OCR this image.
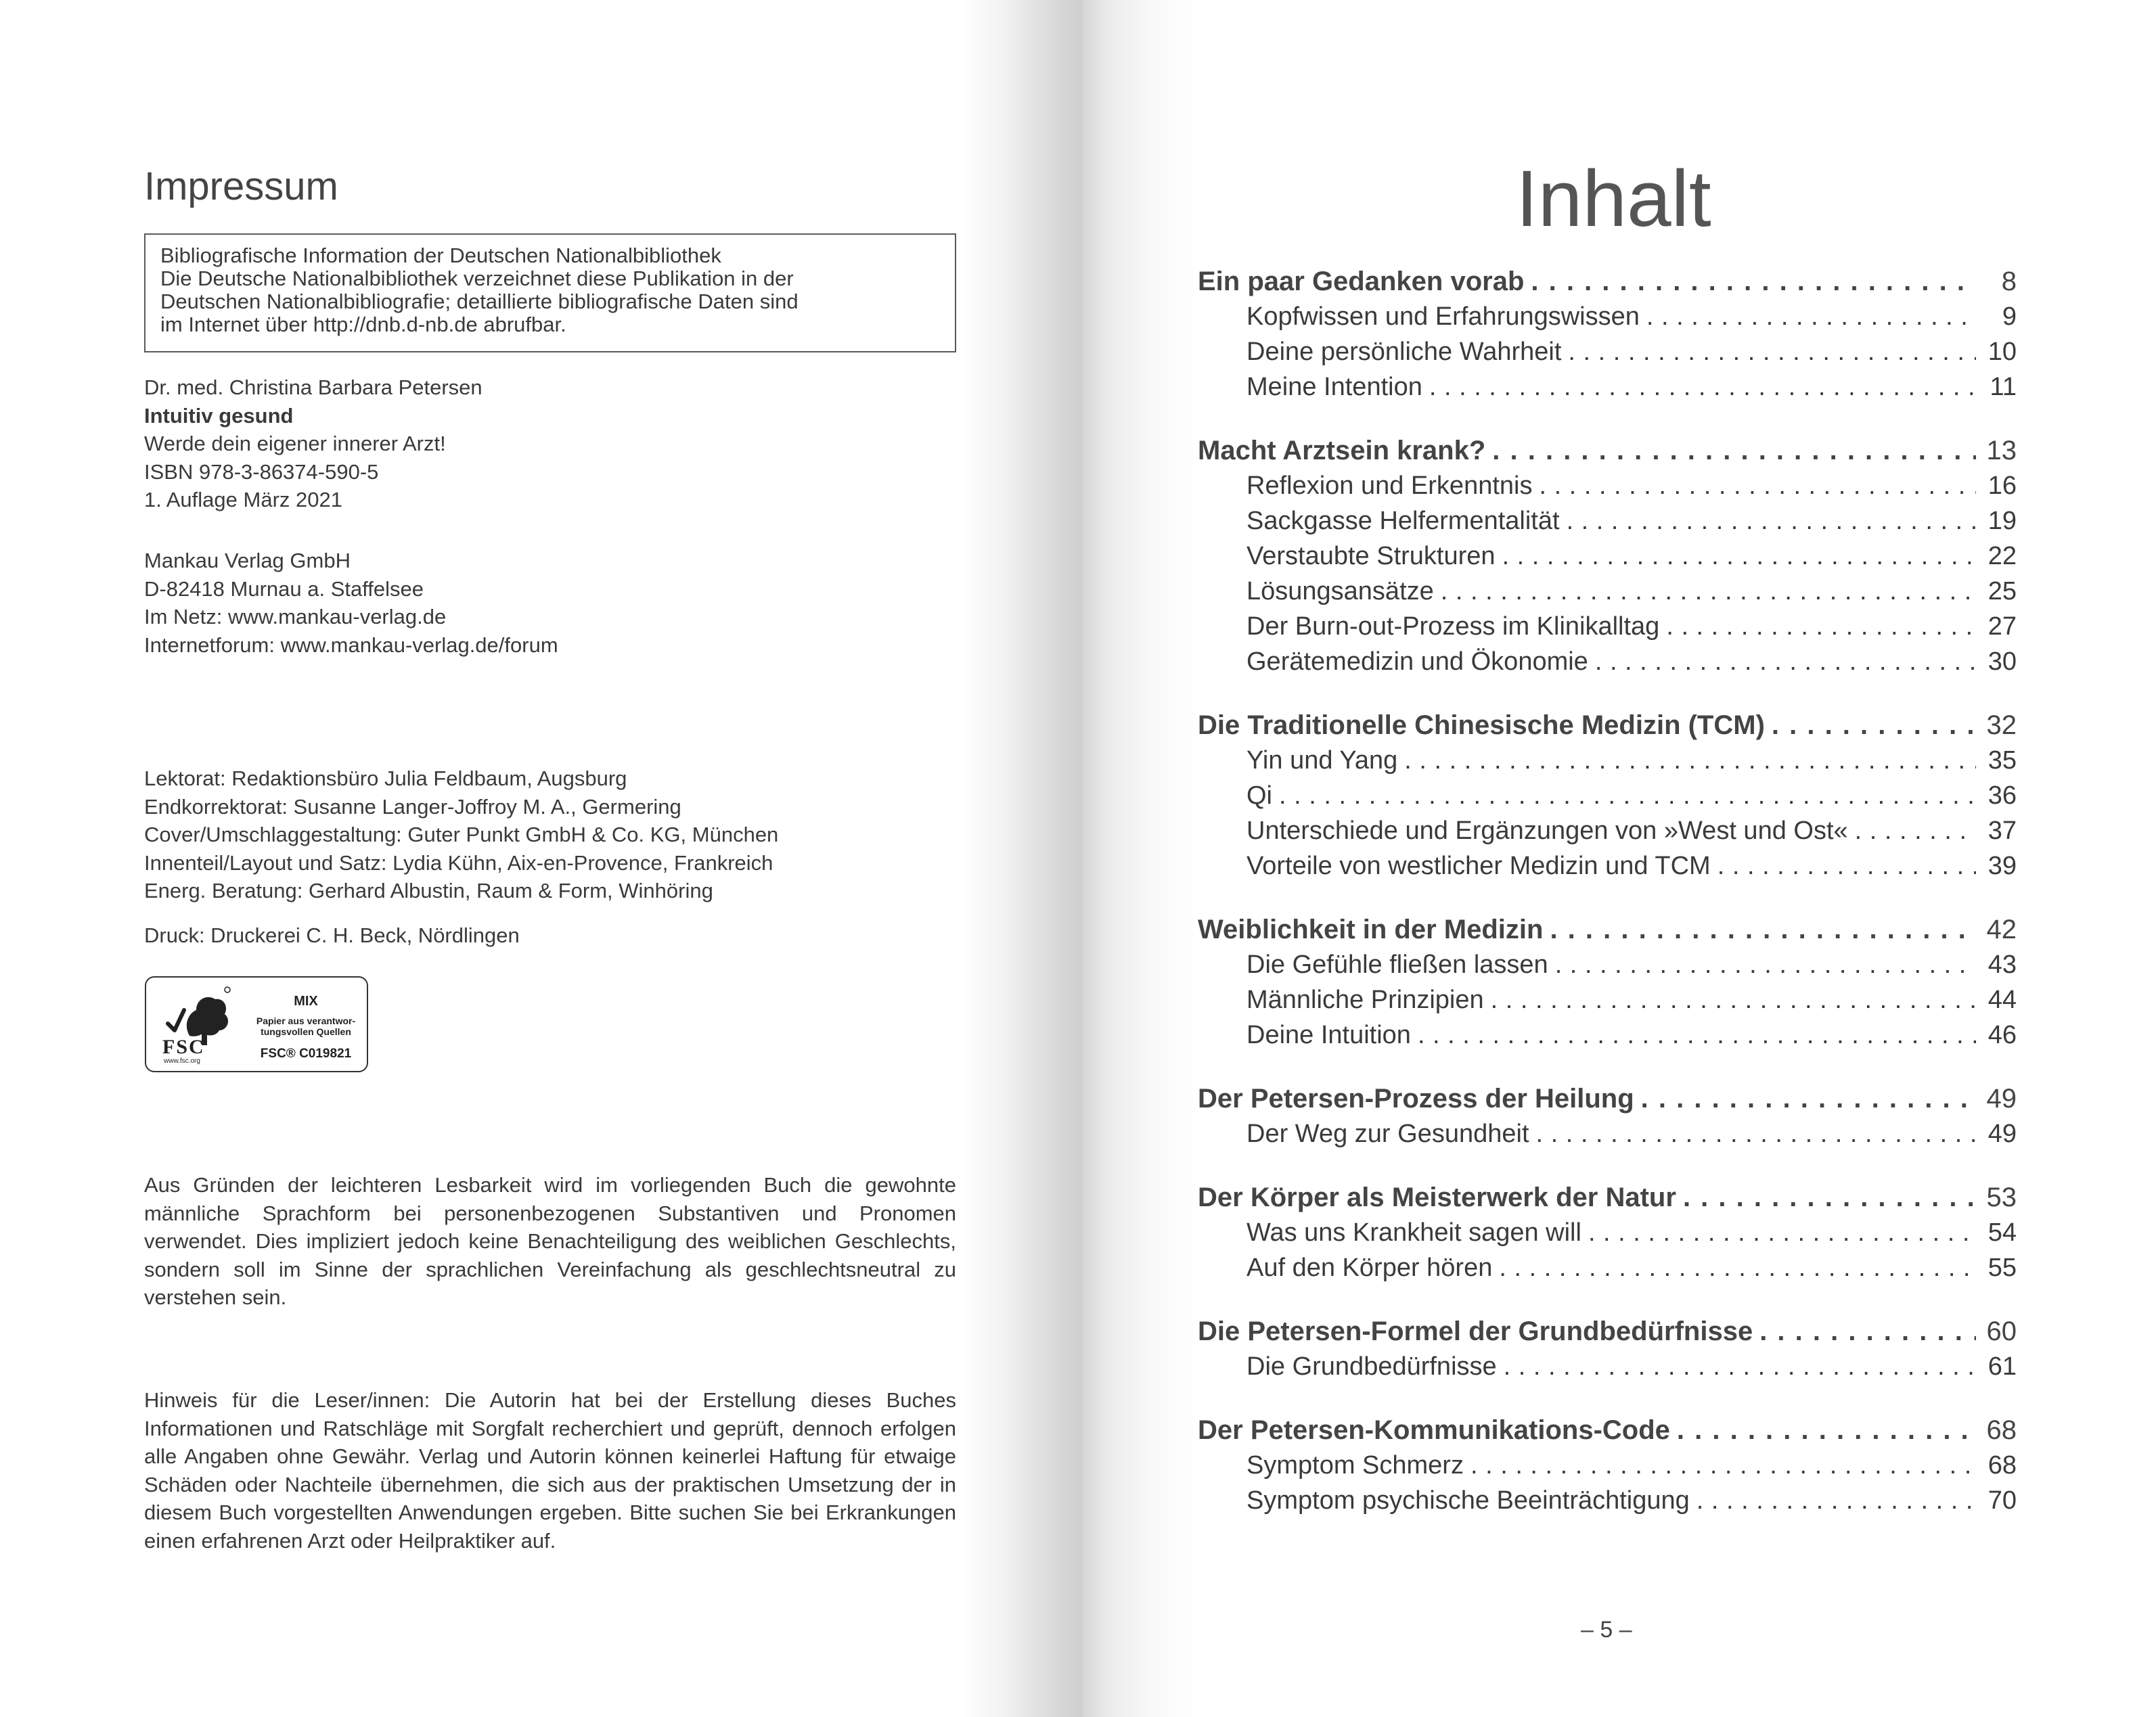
Impressum
Bibliografische Information der Deutschen Nationalbibliothek
Die Deutsche Nationalbibliothek verzeichnet diese Publikation in der
Deutschen Nationalbibliografie; detaillierte bibliografische Daten sind
im Internet über http://dnb.d-nb.de abrufbar.
Dr. med. Christina Barbara Petersen
Intuitiv gesund
Werde dein eigener innerer Arzt!
ISBN 978-3-86374-590-5
1. Auflage März 2021
Mankau Verlag GmbH
D-82418 Murnau a. Staffelsee
Im Netz: www.mankau-verlag.de
Internetforum: www.mankau-verlag.de/forum
Lektorat: Redaktionsbüro Julia Feldbaum, Augsburg
Endkorrektorat: Susanne Langer-Joffroy M. A., Germering
Cover/Umschlaggestaltung: Guter Punkt GmbH & Co. KG, München
Innenteil/Layout und Satz: Lydia Kühn, Aix-en-Provence, Frankreich
Energ. Beratung: Gerhard Albustin, Raum & Form, Winhöring
Druck: Druckerei C. H. Beck, Nördlingen
FSC
www.fsc.org
MIX
Papier aus verantwor-
tungsvollen Quellen
FSC® C019821
Aus Gründen der leichteren Lesbarkeit wird im vorliegenden Buch die gewohnte männliche Sprachform bei personenbezogenen Substantiven und Pronomen verwendet. Dies impliziert jedoch keine Benachteiligung des weiblichen Geschlechts, sondern soll im Sinne der sprachlichen Vereinfachung als geschlechtsneutral zu verstehen sein.
Hinweis für die Leser/innen: Die Autorin hat bei der Erstellung dieses Buches Informationen und Ratschläge mit Sorgfalt recherchiert und geprüft, dennoch erfolgen alle Angaben ohne Gewähr. Verlag und Autorin können keinerlei Haftung für etwaige Schäden oder Nachteile übernehmen, die sich aus der praktischen Umsetzung der in diesem Buch vorgestellten Anwendungen ergeben. Bitte suchen Sie bei Erkrankungen einen erfahrenen Arzt oder Heilpraktiker auf.
Inhalt
Ein paar Gedanken vorab . . .	8
Kopfwissen und Erfahrungswissen . . .	9
Deine persönliche Wahrheit . . .	10
Meine Intention . . .	11
Macht Arztsein krank? . . .	13
Reflexion und Erkenntnis . . .	16
Sackgasse Helfermentalität . . .	19
Verstaubte Strukturen . . .	22
Lösungsansätze . . .	25
Der Burn-out-Prozess im Klinikalltag . . .	27
Gerätemedizin und Ökonomie . . .	30
Die Traditionelle Chinesische Medizin (TCM) . . .	32
Yin und Yang . . .	35
Qi . . .	36
Unterschiede und Ergänzungen von »West und Ost« . . .	37
Vorteile von westlicher Medizin und TCM . . .	39
Weiblichkeit in der Medizin . . .	42
Die Gefühle fließen lassen . . .	43
Männliche Prinzipien . . .	44
Deine Intuition . . .	46
Der Petersen-Prozess der Heilung . . .	49
Der Weg zur Gesundheit . . .	49
Der Körper als Meisterwerk der Natur . . .	53
Was uns Krankheit sagen will . . .	54
Auf den Körper hören . . .	55
Die Petersen-Formel der Grundbedürfnisse . . .	60
Die Grundbedürfnisse . . .	61
Der Petersen-Kommunikations-Code . . .	68
Symptom Schmerz . . .	68
Symptom psychische Beeinträchtigung . . .	70
– 5 –
